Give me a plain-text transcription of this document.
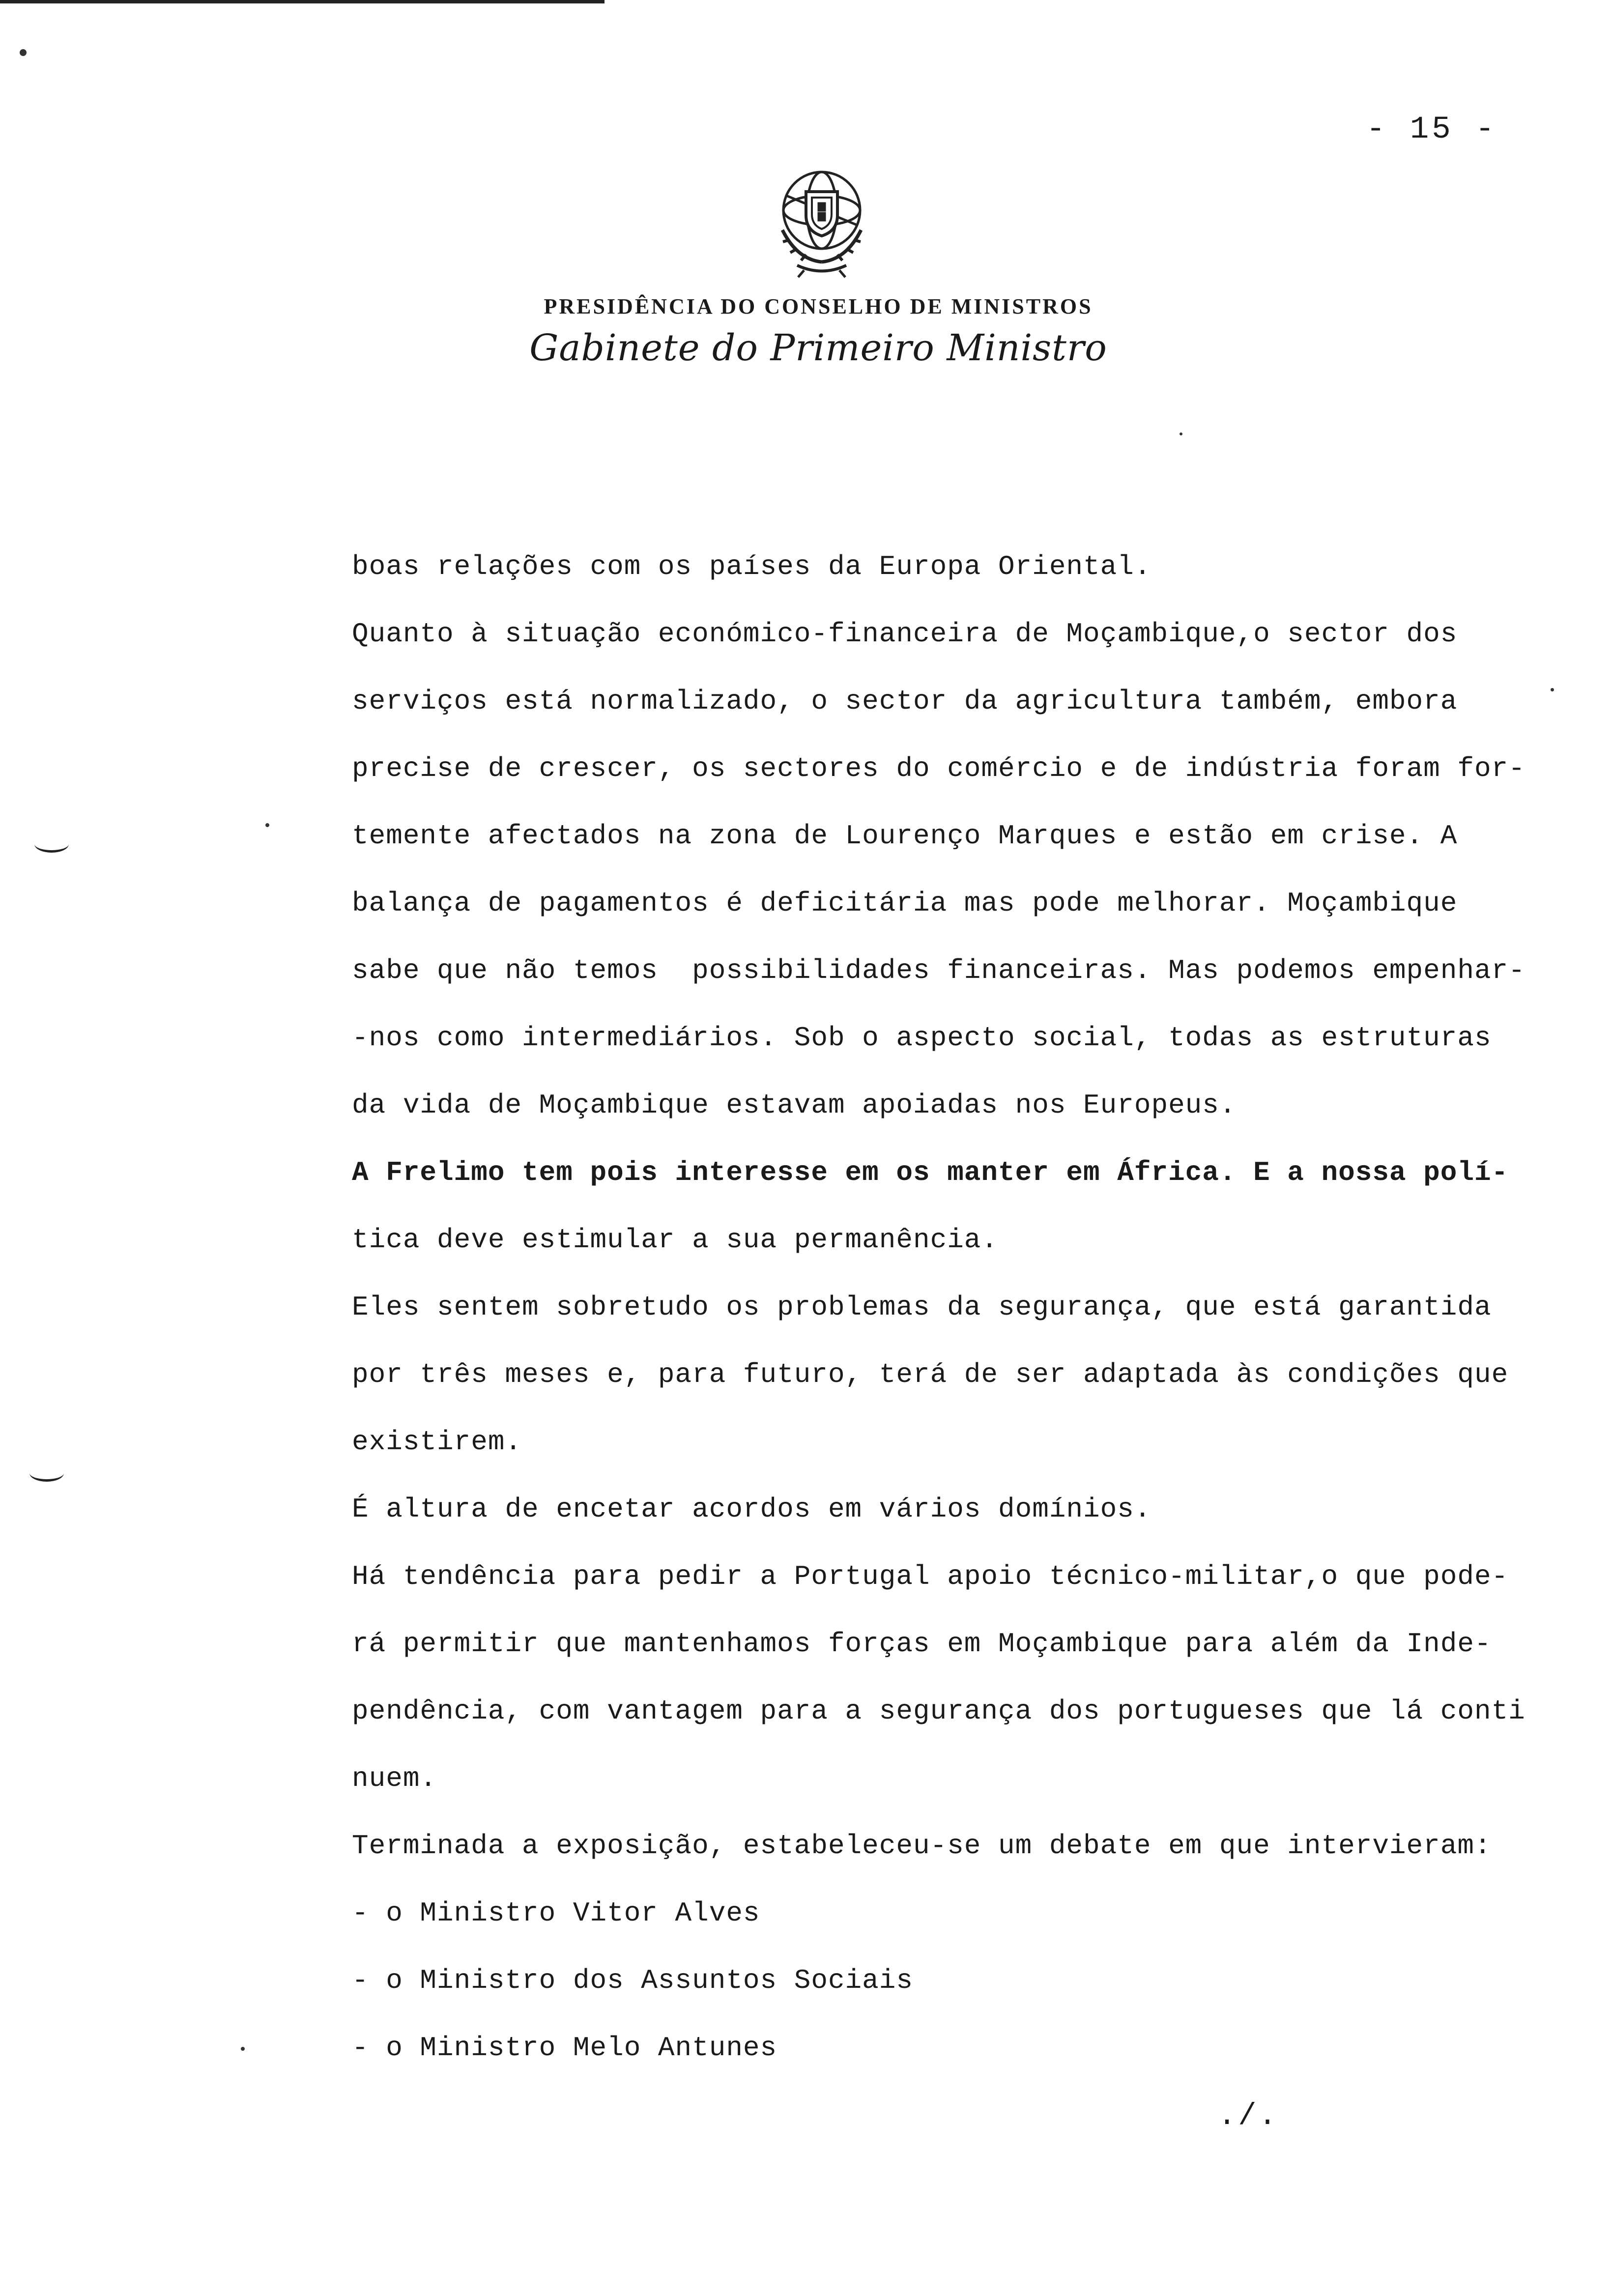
- 15 -
PRESIDÊNCIA DO CONSELHO DE MINISTROS
Gabinete do Primeiro Ministro
boas relações com os países da Europa Oriental.
Quanto à situação económico-financeira de Moçambique,o sector dos
serviços está normalizado, o sector da agricultura também, embora
precise de crescer, os sectores do comércio e de indústria foram for-
temente afectados na zona de Lourenço Marques e estão em crise. A
balança de pagamentos é deficitária mas pode melhorar. Moçambique
sabe que não temos  possibilidades financeiras. Mas podemos empenhar-
-nos como intermediários. Sob o aspecto social, todas as estruturas
da vida de Moçambique estavam apoiadas nos Europeus.
A Frelimo tem pois interesse em os manter em África. E a nossa polí-
tica deve estimular a sua permanência.
Eles sentem sobretudo os problemas da segurança, que está garantida
por três meses e, para futuro, terá de ser adaptada às condições que
existirem.
É altura de encetar acordos em vários domínios.
Há tendência para pedir a Portugal apoio técnico-militar,o que pode-
rá permitir que mantenhamos forças em Moçambique para além da Inde-
pendência, com vantagem para a segurança dos portugueses que lá conti
nuem.
Terminada a exposição, estabeleceu-se um debate em que intervieram:
- o Ministro Vitor Alves
- o Ministro dos Assuntos Sociais
- o Ministro Melo Antunes
./.
